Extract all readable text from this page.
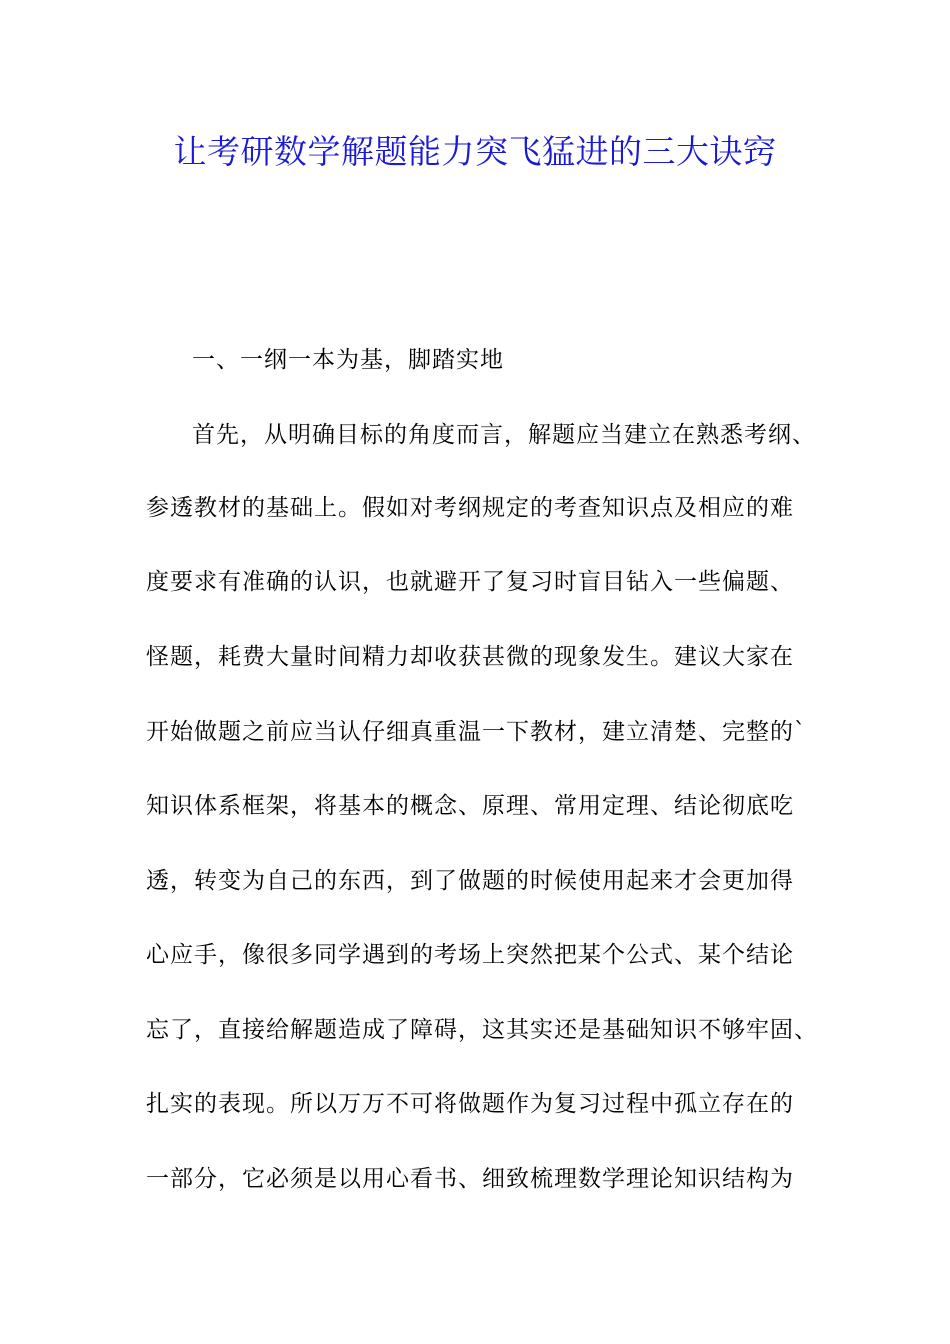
让考研数学解题能力突飞猛进的三大诀窍
一、一纲一本为基，脚踏实地
首先，从明确目标的角度而言，解题应当建立在熟悉考纲、
参透教材的基础上。假如对考纲规定的考查知识点及相应的难
度要求有准确的认识，也就避开了复习时盲目钻入一些偏题、
怪题，耗费大量时间精力却收获甚微的现象发生。建议大家在
开始做题之前应当认仔细真重温一下教材，建立清楚、完整的`
知识体系框架，将基本的概念、原理、常用定理、结论彻底吃
透，转变为自己的东西，到了做题的时候使用起来才会更加得
心应手，像很多同学遇到的考场上突然把某个公式、某个结论
忘了，直接给解题造成了障碍，这其实还是基础知识不够牢固、
扎实的表现。所以万万不可将做题作为复习过程中孤立存在的
一部分，它必须是以用心看书、细致梳理数学理论知识结构为
